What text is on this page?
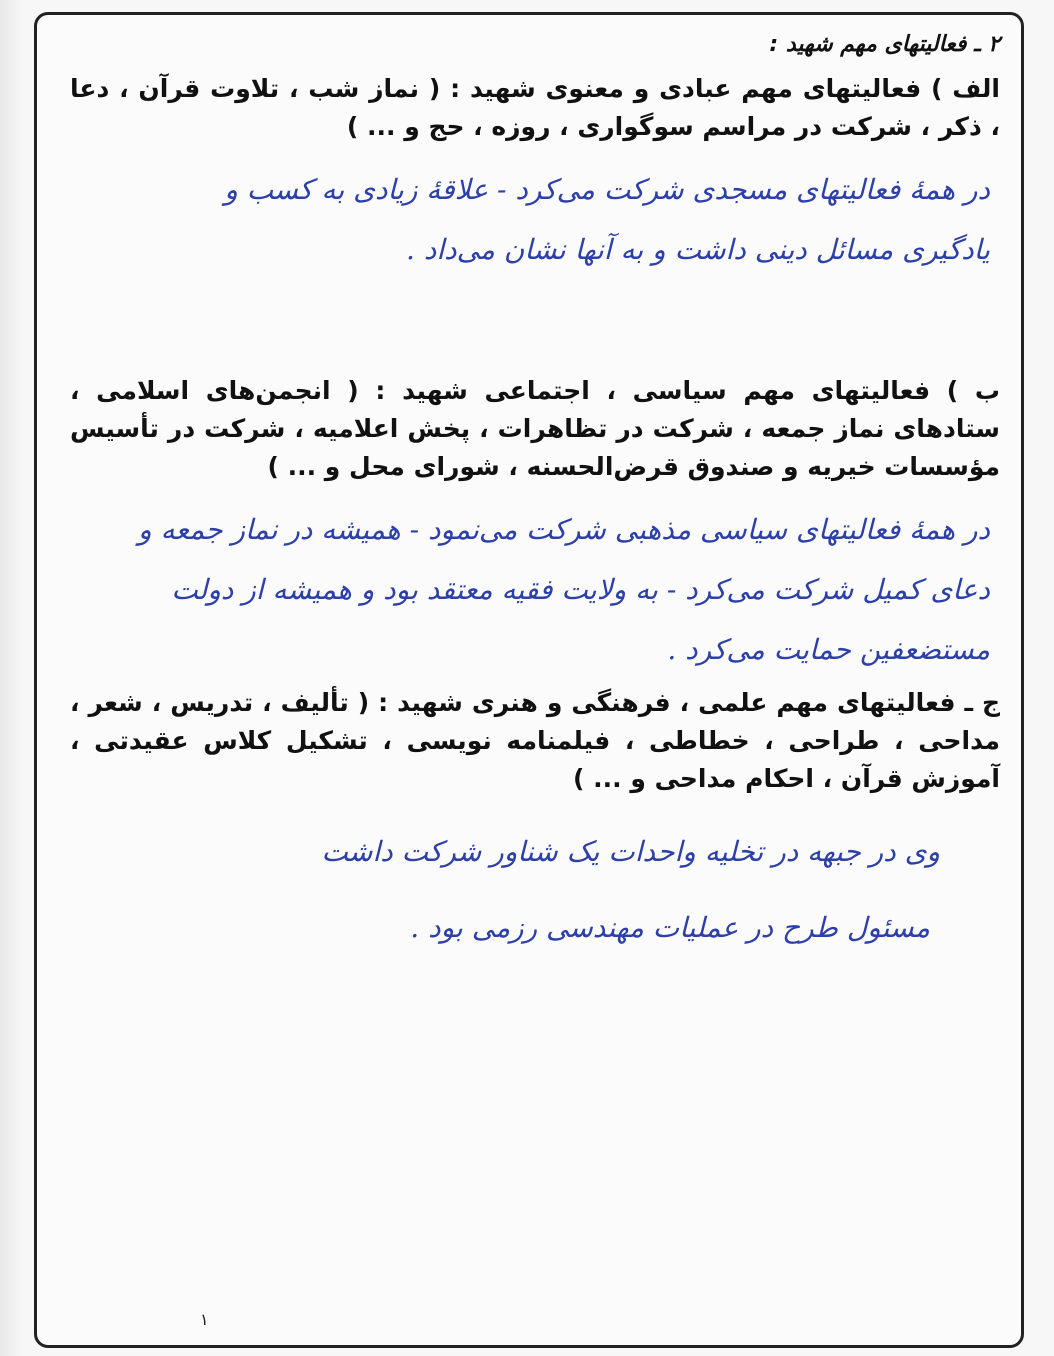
۲ ـ فعالیتهای مهم شهید :

الف ) فعالیتهای مهم عبادی و معنوی شهید : ( نماز شب ، تلاوت قرآن ، دعا ، ذکر ، شرکت در مراسم سوگواری ، روزه ، حج و ... )

در همهٔ فعالیتهای مسجدی شرکت می‌کرد - علاقهٔ زیادی به کسب و

یادگیری مسائل دینی داشت و به آنها نشان می‌داد .

ب ) فعالیتهای مهم سیاسی ، اجتماعی شهید : ( انجمن‌های اسلامی ، ستادهای نماز جمعه ، شرکت در تظاهرات ، پخش اعلامیه ، شرکت در تأسیس مؤسسات خیریه و صندوق قرض‌الحسنه ، شورای محل و ... )

در همهٔ فعالیتهای سیاسی مذهبی شرکت می‌نمود - همیشه در نماز جمعه و

دعای کمیل شرکت می‌کرد - به ولایت فقیه معتقد بود و همیشه از دولت

مستضعفین حمایت می‌کرد .

ج ـ فعالیتهای مهم علمی ، فرهنگی و هنری شهید : ( تألیف ، تدریس ، شعر ، مداحی ، طراحی ، خطاطی ، فیلمنامه نویسی ، تشکیل کلاس عقیدتی ، آموزش قرآن ، احکام مداحی و ... )

وی در جبهه در تخلیه واحدات یک شناور شرکت داشت

مسئول طرح در عملیات مهندسی رزمی بود .

۱
